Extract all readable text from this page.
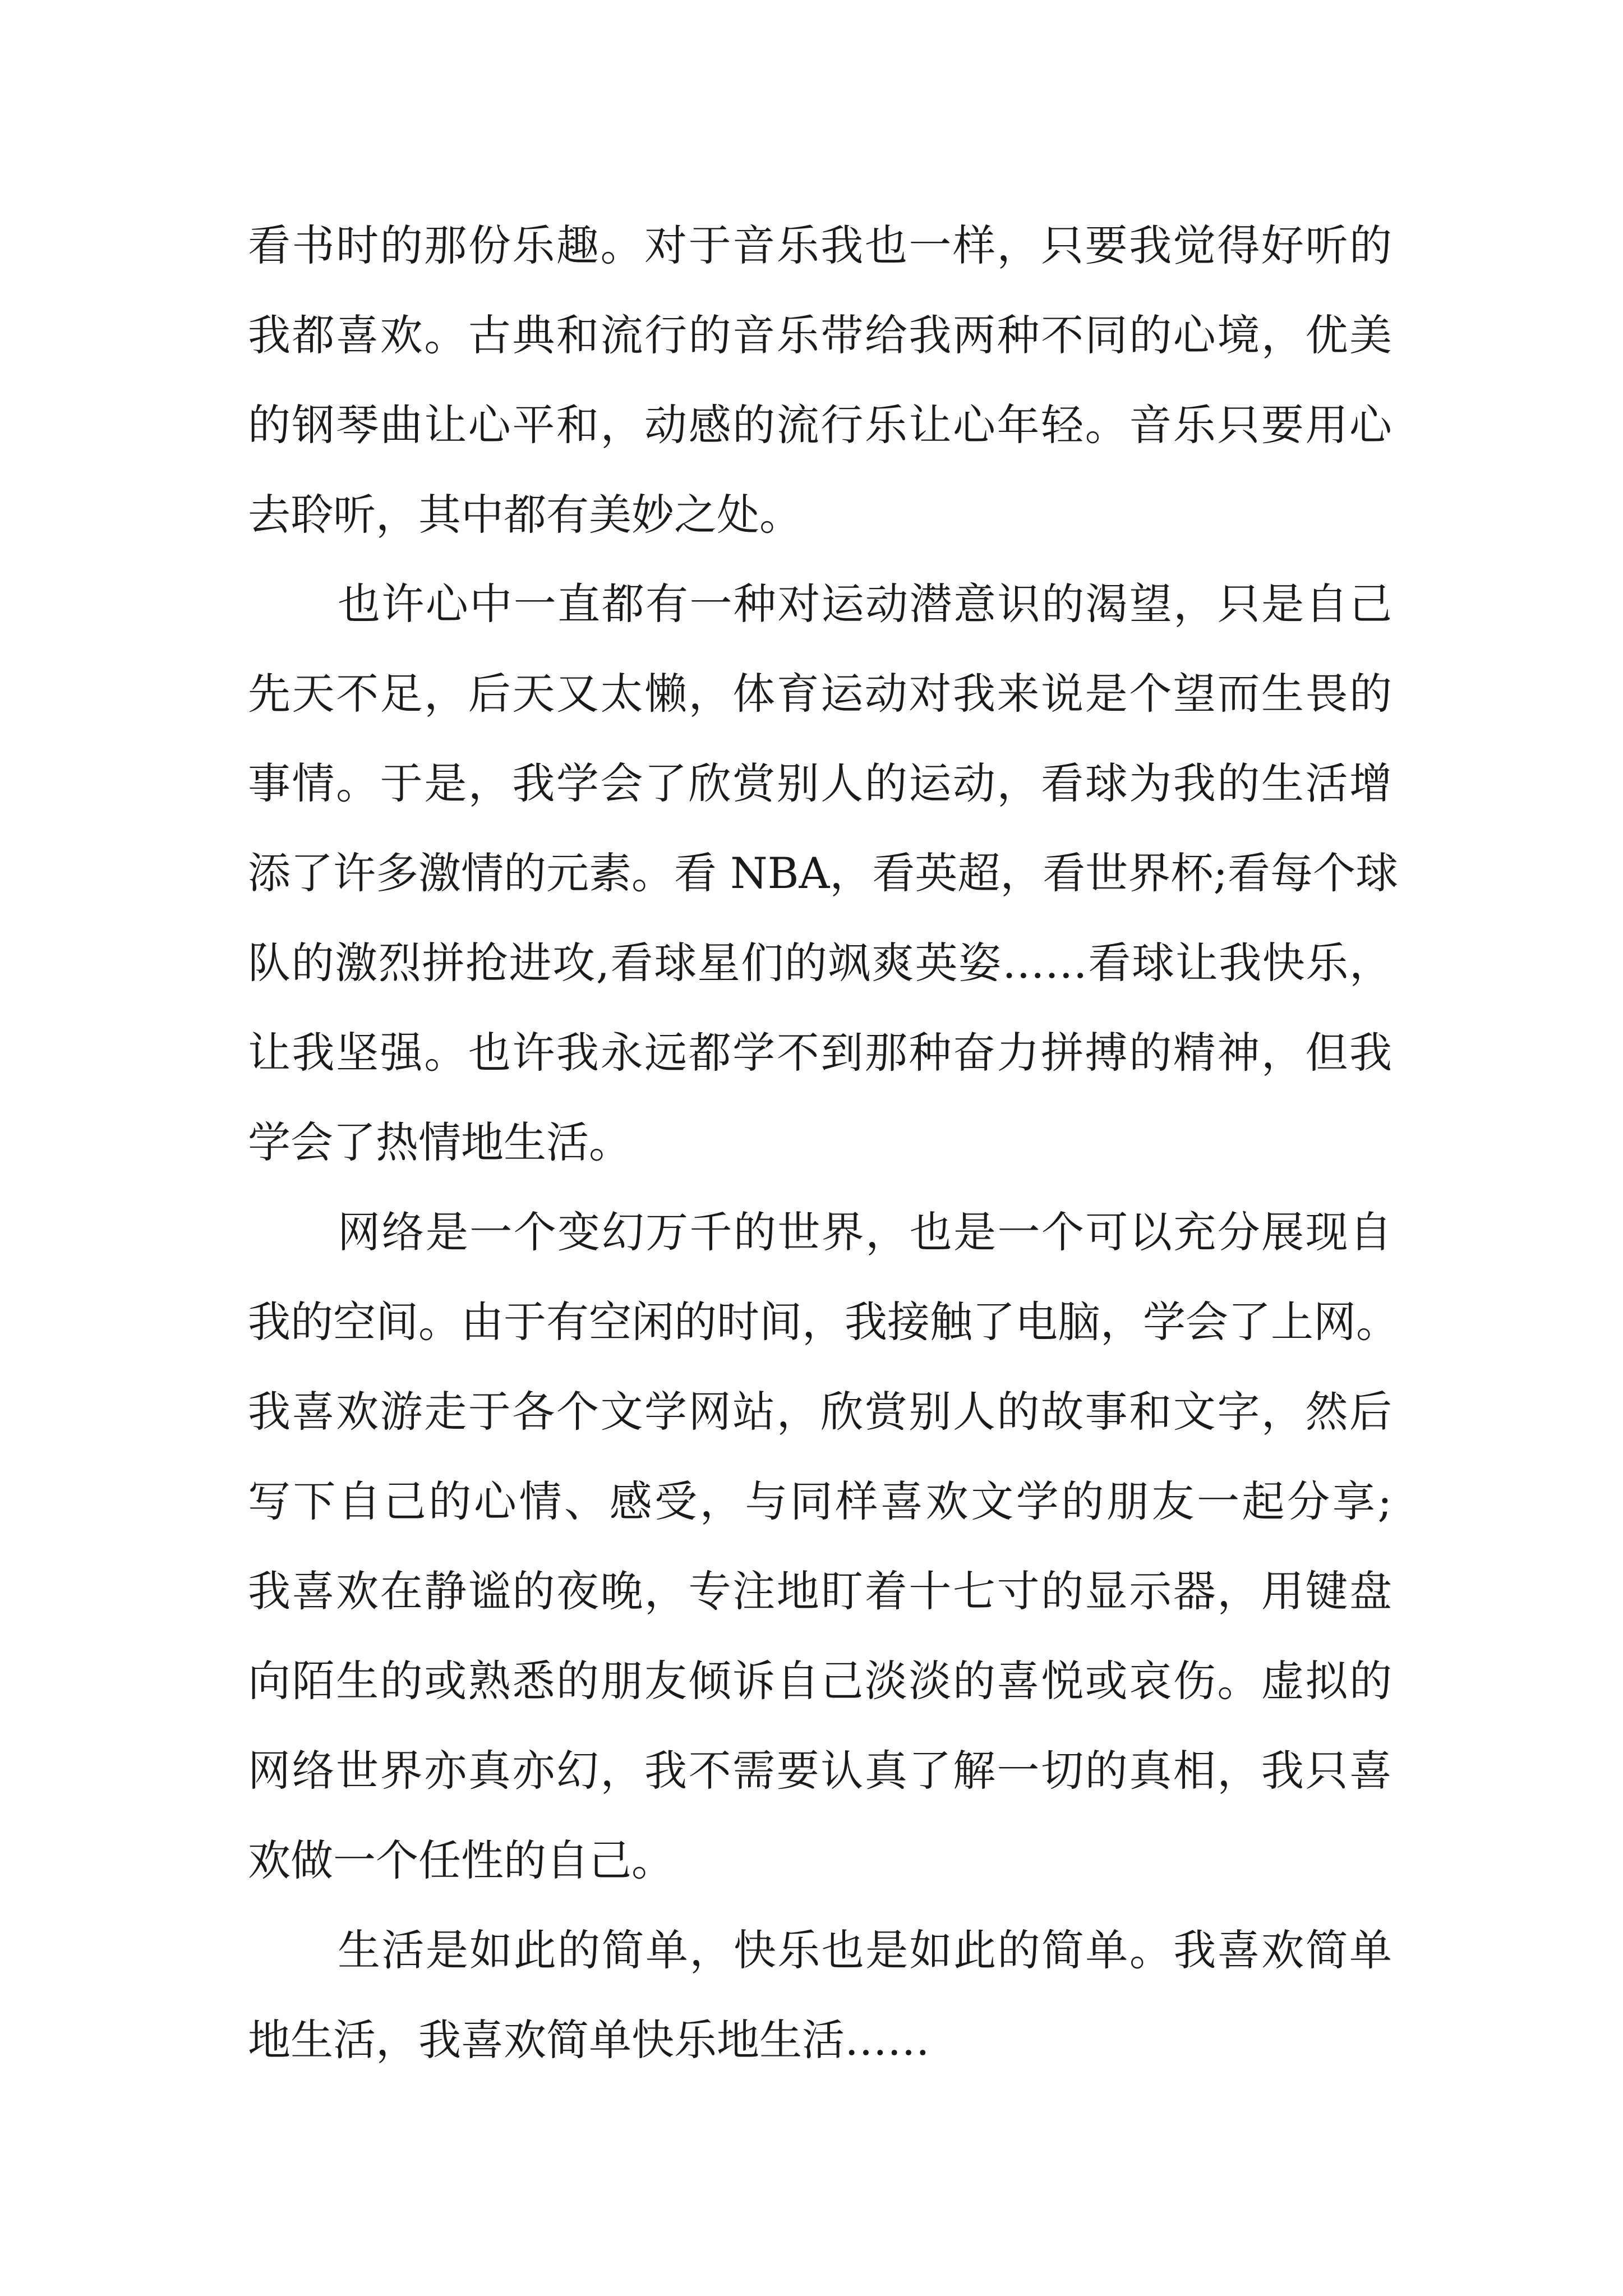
看书时的那份乐趣。对于音乐我也一样，只要我觉得好听的
我都喜欢。古典和流行的音乐带给我两种不同的心境，优美
的钢琴曲让心平和，动感的流行乐让心年轻。音乐只要用心
去聆听，其中都有美妙之处。
也许心中一直都有一种对运动潜意识的渴望，只是自己
先天不足，后天又太懒，体育运动对我来说是个望而生畏的
事情。于是，我学会了欣赏别人的运动，看球为我的生活增
添了许多激情的元素。看 NBA，看英超，看世界杯;看每个球
队的激烈拼抢进攻,看球星们的飒爽英姿……看球让我快乐，
让我坚强。也许我永远都学不到那种奋力拼搏的精神，但我
学会了热情地生活。
网络是一个变幻万千的世界，也是一个可以充分展现自
我的空间。由于有空闲的时间，我接触了电脑，学会了上网。
我喜欢游走于各个文学网站，欣赏别人的故事和文字，然后
写下自己的心情、感受，与同样喜欢文学的朋友一起分享;
我喜欢在静谧的夜晚，专注地盯着十七寸的显示器，用键盘
向陌生的或熟悉的朋友倾诉自己淡淡的喜悦或哀伤。虚拟的
网络世界亦真亦幻，我不需要认真了解一切的真相，我只喜
欢做一个任性的自己。
生活是如此的简单，快乐也是如此的简单。我喜欢简单
地生活，我喜欢简单快乐地生活……
